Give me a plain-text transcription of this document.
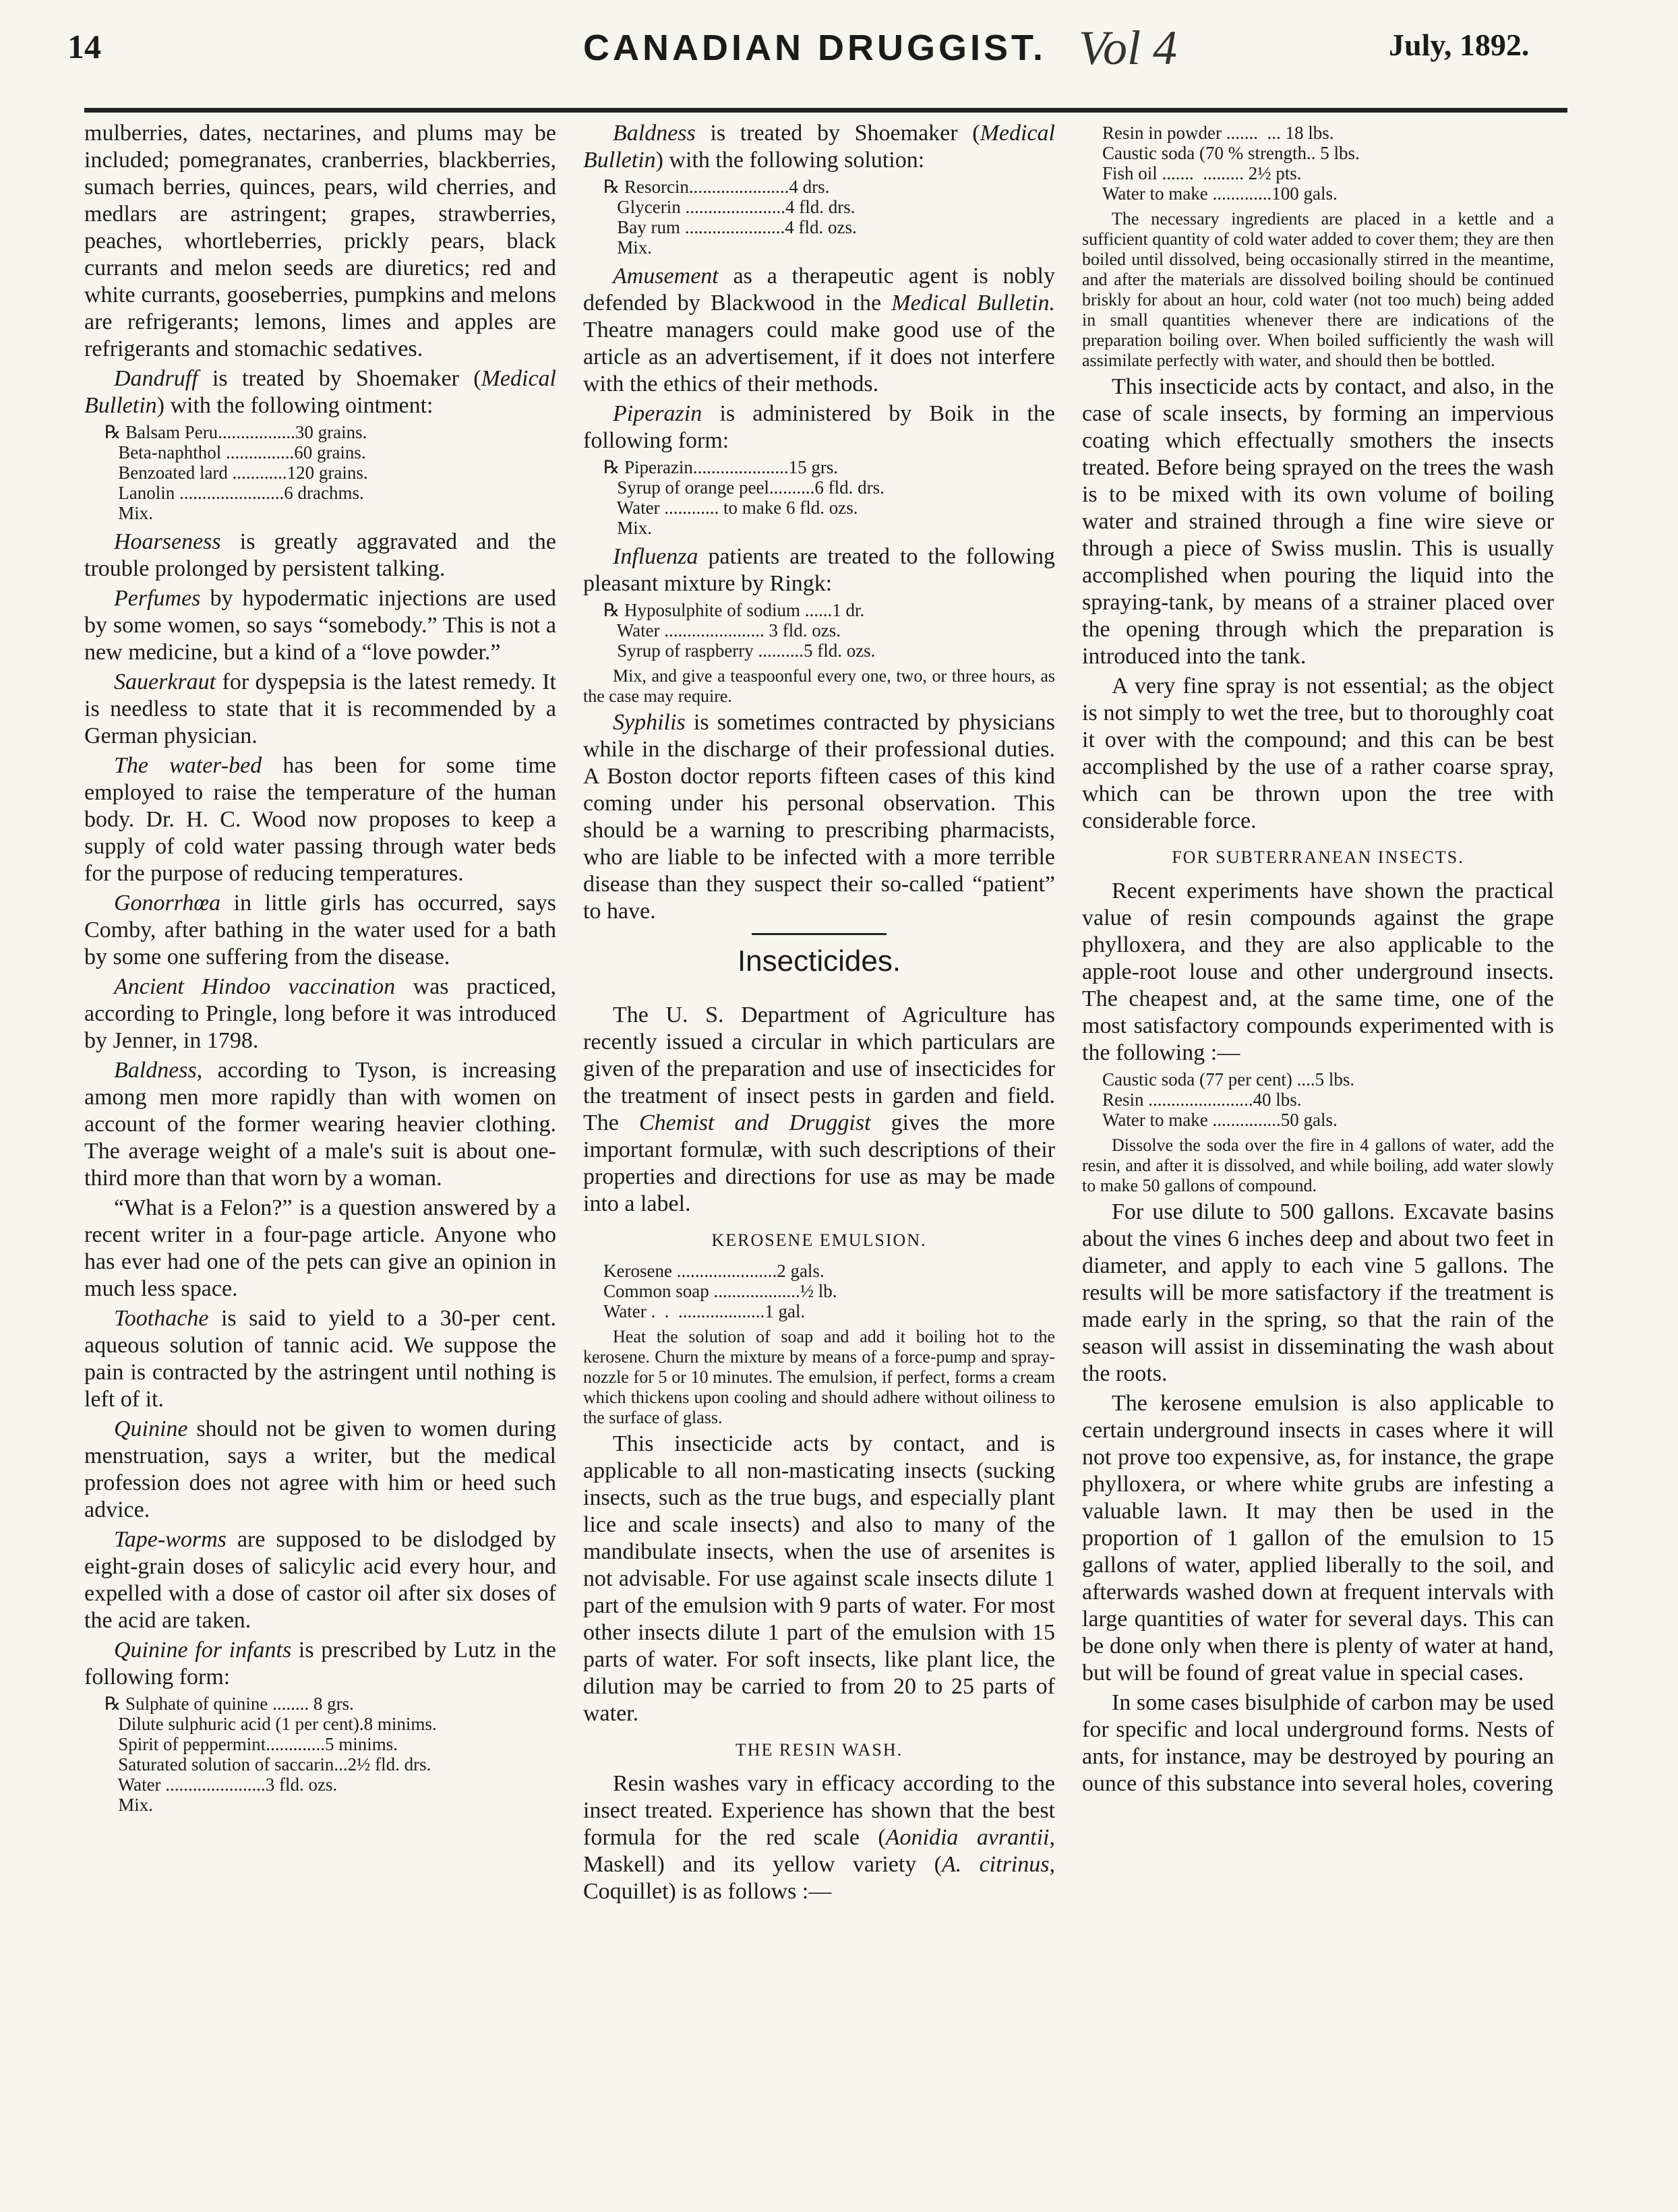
14	CANADIAN DRUGGIST. Vol 4	July, 1892.

mulberries, dates, nectarines, and plums may be included; pomegranates, cranberries, blackberries, sumach berries, quinces, pears, wild cherries, and medlars are astringent; grapes, strawberries, peaches, whortleberries, prickly pears, black currants and melon seeds are diuretics; red and white currants, gooseberries, pumpkins and melons are refrigerants; lemons, limes and apples are refrigerants and stomachic sedatives.

Dandruff is treated by Shoemaker (Medical Bulletin) with the following ointment:

℞ Balsam Peru.................30 grains.
Beta-naphthol ...............60 grains.
Benzoated lard ............120 grains.
Lanolin .......................6 drachms.
Mix.

Hoarseness is greatly aggravated and the trouble prolonged by persistent talking.

Perfumes by hypodermatic injections are used by some women, so says “somebody.” This is not a new medicine, but a kind of a “love powder.”

Sauerkraut for dyspepsia is the latest remedy. It is needless to state that it is recommended by a German physician.

The water-bed has been for some time employed to raise the temperature of the human body. Dr. H. C. Wood now proposes to keep a supply of cold water passing through water beds for the purpose of reducing temperatures.

Gonorrhœa in little girls has occurred, says Comby, after bathing in the water used for a bath by some one suffering from the disease.

Ancient Hindoo vaccination was practiced, according to Pringle, long before it was introduced by Jenner, in 1798.

Baldness, according to Tyson, is increasing among men more rapidly than with women on account of the former wearing heavier clothing. The average weight of a male's suit is about one-third more than that worn by a woman.

“What is a Felon?” is a question answered by a recent writer in a four-page article. Anyone who has ever had one of the pets can give an opinion in much less space.

Toothache is said to yield to a 30-per cent. aqueous solution of tannic acid. We suppose the pain is contracted by the astringent until nothing is left of it.

Quinine should not be given to women during menstruation, says a writer, but the medical profession does not agree with him or heed such advice.

Tape-worms are supposed to be dislodged by eight-grain doses of salicylic acid every hour, and expelled with a dose of castor oil after six doses of the acid are taken.

Quinine for infants is prescribed by Lutz in the following form:

℞ Sulphate of quinine ........ 8 grs.
Dilute sulphuric acid (1 per cent).8 minims.
Spirit of peppermint.............5 minims.
Saturated solution of saccarin...2½ fld. drs.
Water ......................3 fld. ozs.
Mix.

Baldness is treated by Shoemaker (Medical Bulletin) with the following solution:

℞ Resorcin......................4 drs.
Glycerin ......................4 fld. drs.
Bay rum ......................4 fld. ozs.
Mix.

Amusement as a therapeutic agent is nobly defended by Blackwood in the Medical Bulletin. Theatre managers could make good use of the article as an advertisement, if it does not interfere with the ethics of their methods.

Piperazin is administered by Boik in the following form:

℞ Piperazin.....................15 grs.
Syrup of orange peel..........6 fld. drs.
Water ............ to make 6 fld. ozs.
Mix.

Influenza patients are treated to the following pleasant mixture by Ringk:

℞ Hyposulphite of sodium ......1 dr.
Water ...................... 3 fld. ozs.
Syrup of raspberry ..........5 fld. ozs.

Mix, and give a teaspoonful every one, two, or three hours, as the case may require.

Syphilis is sometimes contracted by physicians while in the discharge of their professional duties. A Boston doctor reports fifteen cases of this kind coming under his personal observation. This should be a warning to prescribing pharmacists, who are liable to be infected with a more terrible disease than they suspect their so-called “patient” to have.

Insecticides.

The U. S. Department of Agriculture has recently issued a circular in which particulars are given of the preparation and use of insecticides for the treatment of insect pests in garden and field. The Chemist and Druggist gives the more important formulæ, with such descriptions of their properties and directions for use as may be made into a label.

KEROSENE EMULSION.
Kerosene ......................2 gals.
Common soap ...................½ lb.
Water .  .  ...................1 gal.

Heat the solution of soap and add it boiling hot to the kerosene. Churn the mixture by means of a force-pump and spray-nozzle for 5 or 10 minutes. The emulsion, if perfect, forms a cream which thickens upon cooling and should adhere without oiliness to the surface of glass.

This insecticide acts by contact, and is applicable to all non-masticating insects (sucking insects, such as the true bugs, and especially plant lice and scale insects) and also to many of the mandibulate insects, when the use of arsenites is not advisable. For use against scale insects dilute 1 part of the emulsion with 9 parts of water. For most other insects dilute 1 part of the emulsion with 15 parts of water. For soft insects, like plant lice, the dilution may be carried to from 20 to 25 parts of water.

THE RESIN WASH.

Resin washes vary in efficacy according to the insect treated. Experience has shown that the best formula for the red scale (Aonidia avrantii, Maskell) and its yellow variety (A. citrinus, Coquillet) is as follows :—

Resin in powder .......  ... 18 lbs.
Caustic soda (70 % strength.. 5 lbs.
Fish oil .......  ......... 2½ pts.
Water to make .............100 gals.

The necessary ingredients are placed in a kettle and a sufficient quantity of cold water added to cover them; they are then boiled until dissolved, being occasionally stirred in the meantime, and after the materials are dissolved boiling should be continued briskly for about an hour, cold water (not too much) being added in small quantities whenever there are indications of the preparation boiling over. When boiled sufficiently the wash will assimilate perfectly with water, and should then be bottled.

This insecticide acts by contact, and also, in the case of scale insects, by forming an impervious coating which effectually smothers the insects treated. Before being sprayed on the trees the wash is to be mixed with its own volume of boiling water and strained through a fine wire sieve or through a piece of Swiss muslin. This is usually accomplished when pouring the liquid into the spraying-tank, by means of a strainer placed over the opening through which the preparation is introduced into the tank.

A very fine spray is not essential; as the object is not simply to wet the tree, but to thoroughly coat it over with the compound; and this can be best accomplished by the use of a rather coarse spray, which can be thrown upon the tree with considerable force.

FOR SUBTERRANEAN INSECTS.

Recent experiments have shown the practical value of resin compounds against the grape phylloxera, and they are also applicable to the apple-root louse and other underground insects. The cheapest and, at the same time, one of the most satisfactory compounds experimented with is the following :—

Caustic soda (77 per cent) ....5 lbs.
Resin .......................40 lbs.
Water to make ...............50 gals.

Dissolve the soda over the fire in 4 gallons of water, add the resin, and after it is dissolved, and while boiling, add water slowly to make 50 gallons of compound.

For use dilute to 500 gallons. Excavate basins about the vines 6 inches deep and about two feet in diameter, and apply to each vine 5 gallons. The results will be more satisfactory if the treatment is made early in the spring, so that the rain of the season will assist in disseminating the wash about the roots.

The kerosene emulsion is also applicable to certain underground insects in cases where it will not prove too expensive, as, for instance, the grape phylloxera, or where white grubs are infesting a valuable lawn. It may then be used in the proportion of 1 gallon of the emulsion to 15 gallons of water, applied liberally to the soil, and afterwards washed down at frequent intervals with large quantities of water for several days. This can be done only when there is plenty of water at hand, but will be found of great value in special cases.

In some cases bisulphide of carbon may be used for specific and local underground forms. Nests of ants, for instance, may be destroyed by pouring an ounce of this substance into several holes, covering
